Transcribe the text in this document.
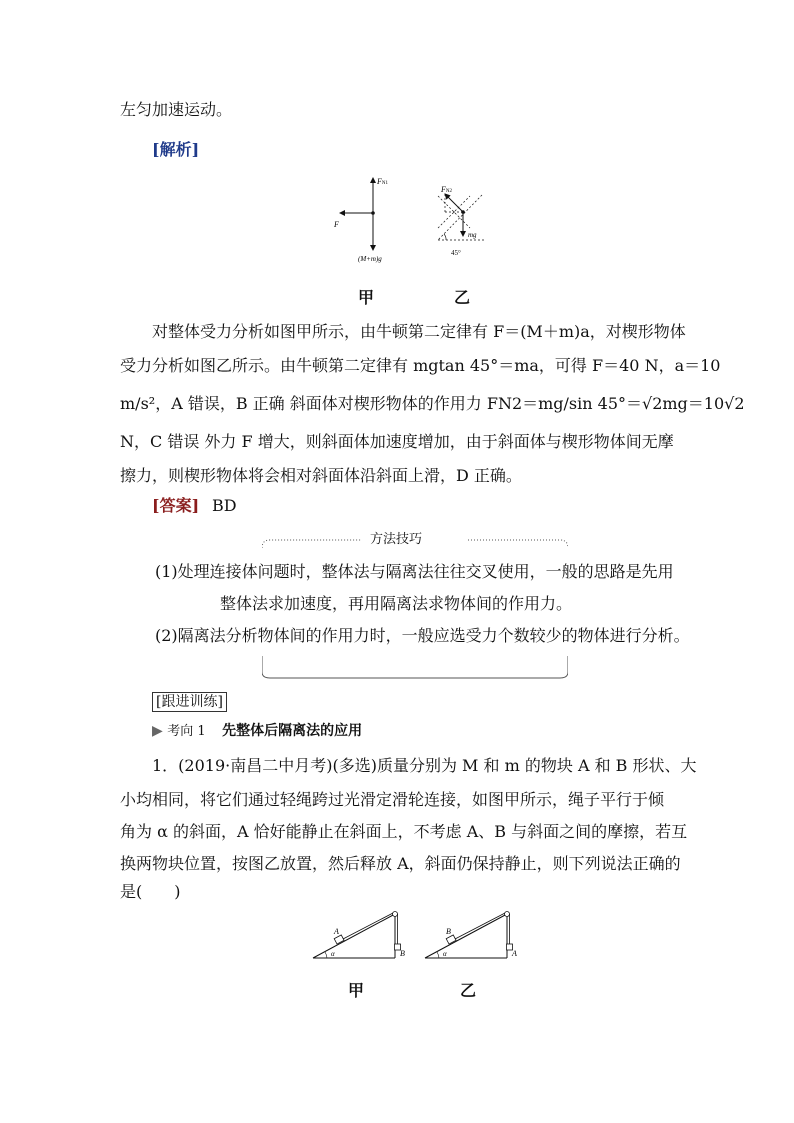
左匀加速运动。
[解析]
FN1
F
(M+m)g
FN2
mg
45°
甲	乙
对整体受力分析如图甲所示，由牛顿第二定律有 F＝(M＋m)a，对楔形物体
受力分析如图乙所示。由牛顿第二定律有 mgtan 45°＝ma，可得 F＝40 N，a＝10
m/s²，A 错误，B 正确 斜面体对楔形物体的作用力 FN2＝mg/sin 45°＝√2mg＝10√2
N，C 错误 外力 F 增大，则斜面体加速度增加，由于斜面体与楔形物体间无摩
擦力，则楔形物体将会相对斜面体沿斜面上滑，D 正确。
[答案] BD
方法技巧
(1)处理连接体问题时，整体法与隔离法往往交叉使用，一般的思路是先用
整体法求加速度，再用隔离法求物体间的作用力。
(2)隔离法分析物体间的作用力时，一般应选受力个数较少的物体进行分析。
[跟进训练]
▶ 考向 1 先整体后隔离法的应用
1．(2019·南昌二中月考)(多选)质量分别为 M 和 m 的物块 A 和 B 形状、大
小均相同，将它们通过轻绳跨过光滑定滑轮连接，如图甲所示，绳子平行于倾
角为 α 的斜面，A 恰好能静止在斜面上，不考虑 A、B 与斜面之间的摩擦，若互
换两物块位置，按图乙放置，然后释放 A，斜面仍保持静止，则下列说法正确的
是(　　)
A
B
α
B
A
α
甲	乙
